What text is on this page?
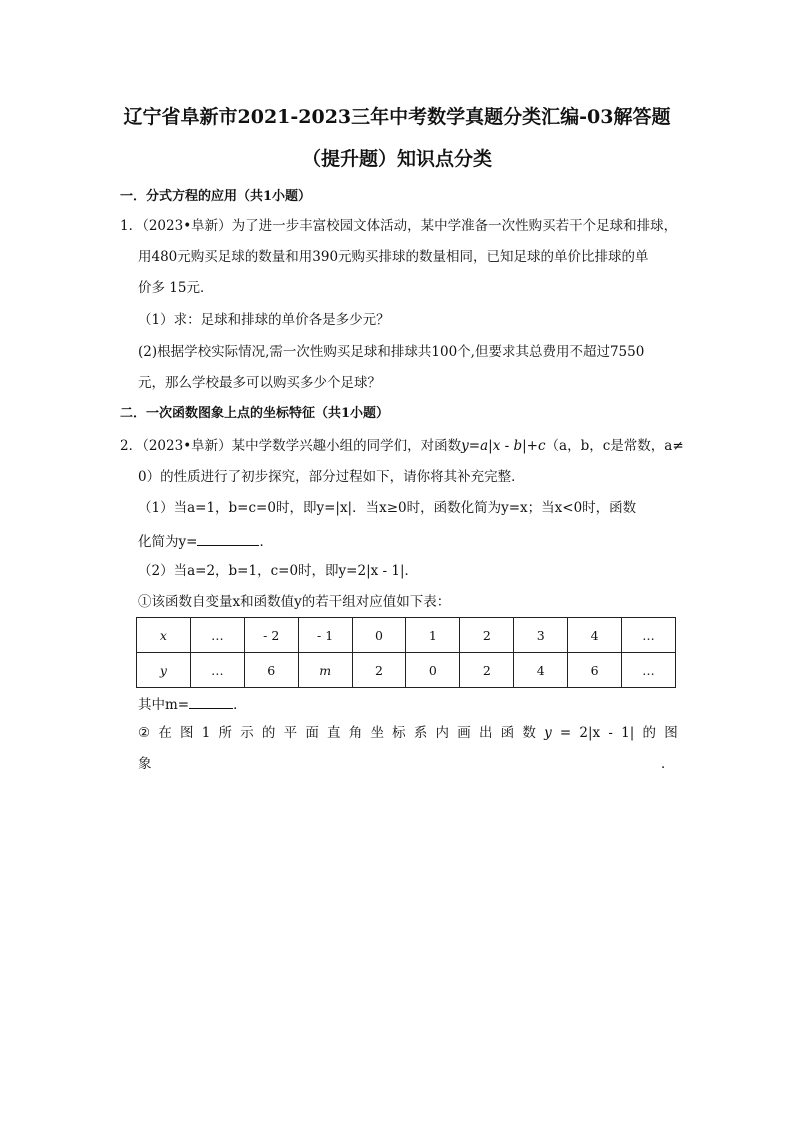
辽宁省阜新市2021-2023三年中考数学真题分类汇编-03解答题
（提升题）知识点分类
一．分式方程的应用（共1小题）
1．（2023•阜新）为了进一步丰富校园文体活动，某中学准备一次性购买若干个足球和排球，
用480元购买足球的数量和用390元购买排球的数量相同，已知足球的单价比排球的单
价多 15元．
（1）求：足球和排球的单价各是多少元？
(2)根据学校实际情况,需一次性购买足球和排球共100个,但要求其总费用不超过7550
元，那么学校最多可以购买多少个足球？
二．一次函数图象上点的坐标特征（共1小题）
2．（2023•阜新）某中学数学兴趣小组的同学们，对函数y=a|x - b|+c（a，b，c是常数，a≠
0）的性质进行了初步探究，部分过程如下，请你将其补充完整．
（1）当a=1，b=c=0时，即y=|x|．当x≥0时，函数化简为y=x；当x<0时，函数
化简为y=	．
（2）当a=2，b=1，c=0时，即y=2|x - 1|．
①该函数自变量x和函数值y的若干组对应值如下表：
x	…	- 2	- 1	0	1	2	3	4	…
y	…	6	m	2	0	2	4	6	…
其中m=	．
② 在 图 1 所 示 的 平 面 直 角 坐 标 系 内 画 出 函 数 y = 2|x - 1| 的 图
象	．
